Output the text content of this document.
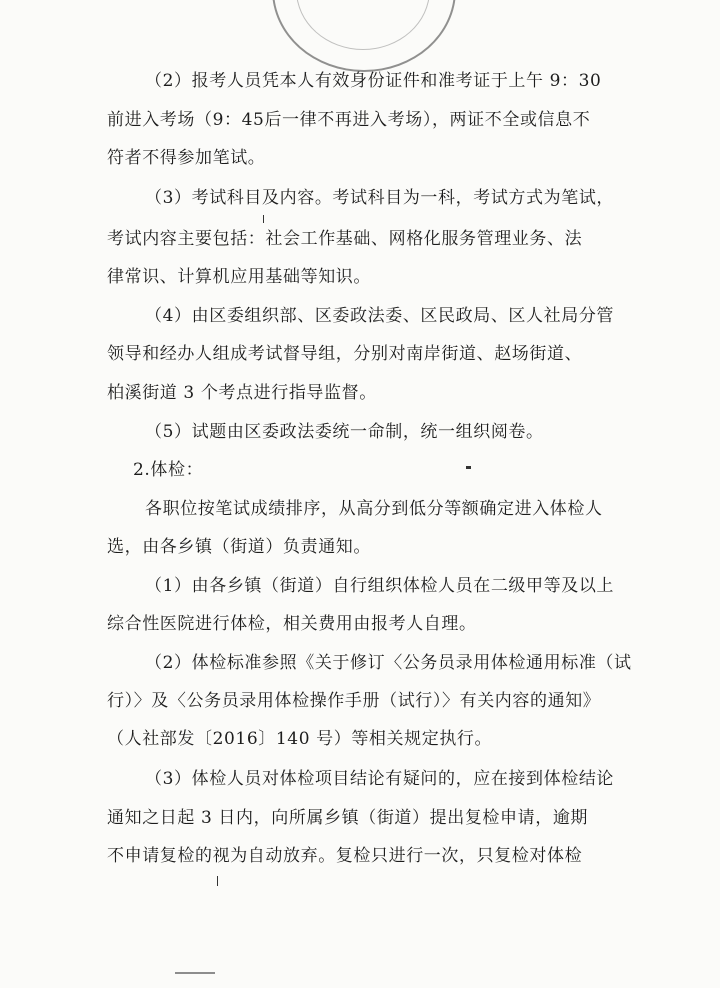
（2）报考人员凭本人有效身份证件和准考证于上午 9：30
前进入考场（9：45后一律不再进入考场），两证不全或信息不
符者不得参加笔试。
（3）考试科目及内容。考试科目为一科，考试方式为笔试，
考试内容主要包括：社会工作基础、网格化服务管理业务、法
律常识、计算机应用基础等知识。
（4）由区委组织部、区委政法委、区民政局、区人社局分管
领导和经办人组成考试督导组，分别对南岸街道、赵场街道、
柏溪街道 3 个考点进行指导监督。
（5）试题由区委政法委统一命制，统一组织阅卷。
2.体检：
各职位按笔试成绩排序，从高分到低分等额确定进入体检人
选，由各乡镇（街道）负责通知。
（1）由各乡镇（街道）自行组织体检人员在二级甲等及以上
综合性医院进行体检，相关费用由报考人自理。
（2）体检标准参照《关于修订〈公务员录用体检通用标准（试
行）〉及〈公务员录用体检操作手册（试行）〉有关内容的通知》
（人社部发〔2016〕140 号）等相关规定执行。
（3）体检人员对体检项目结论有疑问的，应在接到体检结论
通知之日起 3 日内，向所属乡镇（街道）提出复检申请，逾期
不申请复检的视为自动放弃。复检只进行一次，只复检对体检
